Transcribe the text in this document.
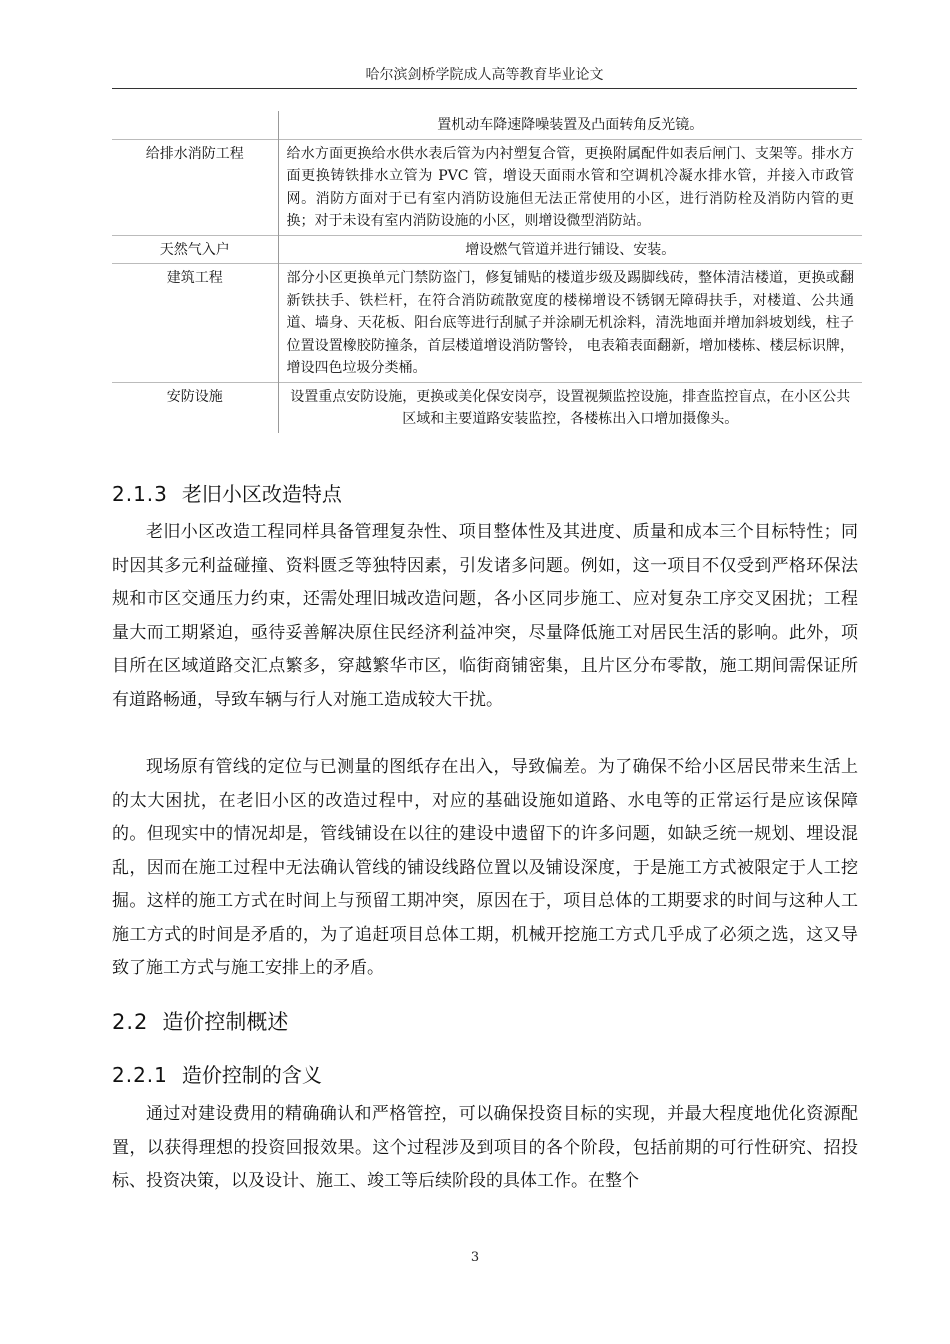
哈尔滨剑桥学院成人高等教育毕业论文
	置机动车降速降噪装置及凸面转角反光镜。
给排水消防工程	给水方面更换给水供水表后管为内衬塑复合管，更换附属配件如表后闸门、支架等。排水方面更换铸铁排水立管为 PVC 管，增设天面雨水管和空调机冷凝水排水管，并接入市政管网。消防方面对于已有室内消防设施但无法正常使用的小区，进行消防栓及消防内管的更换；对于未设有室内消防设施的小区，则增设微型消防站。
天然气入户	增设燃气管道并进行铺设、安装。
建筑工程	部分小区更换单元门禁防盗门，修复铺贴的楼道步级及踢脚线砖，整体清洁楼道，更换或翻新铁扶手、铁栏杆，在符合消防疏散宽度的楼梯增设不锈钢无障碍扶手，对楼道、公共通道、墙身、天花板、阳台底等进行刮腻子并涂刷无机涂料，清洗地面并增加斜坡划线，柱子位置设置橡胶防撞条，首层楼道增设消防警铃， 电表箱表面翻新，增加楼栋、楼层标识牌，增设四色垃圾分类桶。
安防设施	设置重点安防设施，更换或美化保安岗亭，设置视频监控设施，排查监控盲点，在小区公共区域和主要道路安装监控，各楼栋出入口增加摄像头。
2.1.3 老旧小区改造特点

老旧小区改造工程同样具备管理复杂性、项目整体性及其进度、质量和成本三个目标特性；同时因其多元利益碰撞、资料匮乏等独特因素，引发诸多问题。例如，这一项目不仅受到严格环保法规和市区交通压力约束，还需处理旧城改造问题，各小区同步施工、应对复杂工序交叉困扰；工程量大而工期紧迫，亟待妥善解决原住民经济利益冲突，尽量降低施工对居民生活的影响。此外，项目所在区域道路交汇点繁多，穿越繁华市区，临街商铺密集，且片区分布零散，施工期间需保证所有道路畅通，导致车辆与行人对施工造成较大干扰。

现场原有管线的定位与已测量的图纸存在出入，导致偏差。为了确保不给小区居民带来生活上的太大困扰，在老旧小区的改造过程中，对应的基础设施如道路、水电等的正常运行是应该保障的。但现实中的情况却是，管线铺设在以往的建设中遗留下的许多问题，如缺乏统一规划、埋设混乱，因而在施工过程中无法确认管线的铺设线路位置以及铺设深度，于是施工方式被限定于人工挖掘。这样的施工方式在时间上与预留工期冲突，原因在于，项目总体的工期要求的时间与这种人工施工方式的时间是矛盾的，为了追赶项目总体工期，机械开挖施工方式几乎成了必须之选，这又导致了施工方式与施工安排上的矛盾。

2.2 造价控制概述
2.2.1 造价控制的含义

通过对建设费用的精确确认和严格管控，可以确保投资目标的实现，并最大程度地优化资源配置，以获得理想的投资回报效果。这个过程涉及到项目的各个阶段，包括前期的可行性研究、招投标、投资决策，以及设计、施工、竣工等后续阶段的具体工作。在整个

3
